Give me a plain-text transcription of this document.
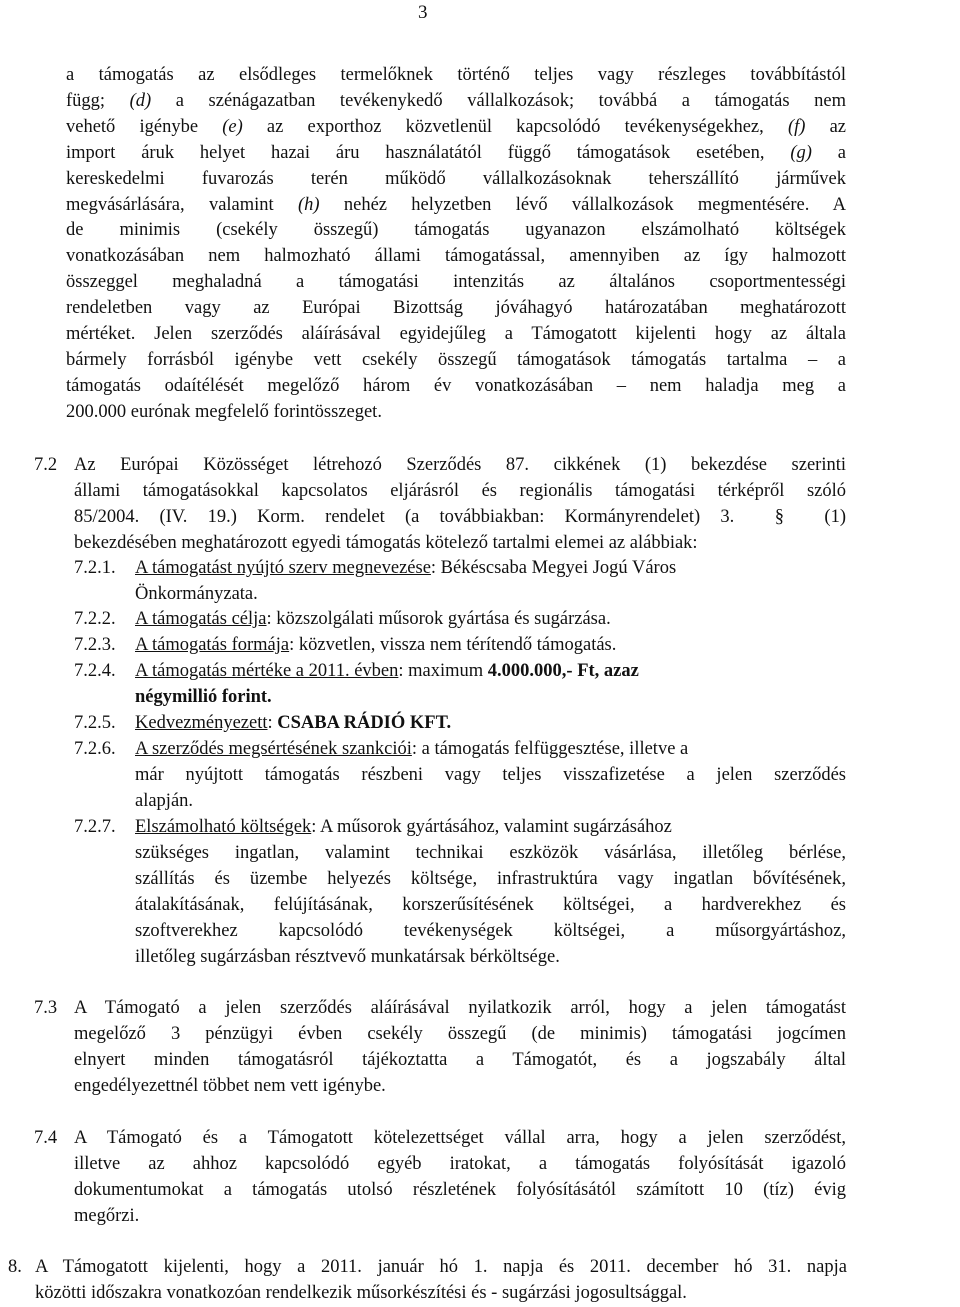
3
a támogatás az elsődleges termelőknek történő teljes vagy részleges továbbítástól
függ; (d) a szénágazatban tevékenykedő vállalkozások; továbbá a támogatás nem
vehető igénybe (e) az exporthoz közvetlenül kapcsolódó tevékenységekhez, (f) az
import áruk helyet hazai áru használatától függő támogatások esetében, (g) a
kereskedelmi fuvarozás terén működő vállalkozásoknak teherszállító járművek
megvásárlására, valamint (h) nehéz helyzetben lévő vállalkozások megmentésére. A
de minimis (csekély összegű) támogatás ugyanazon elszámolható költségek
vonatkozásában nem halmozható állami támogatással, amennyiben az így halmozott
összeggel meghaladná a támogatási intenzitás az általános csoportmentességi
rendeletben vagy az Európai Bizottság jóváhagyó határozatában meghatározott
mértéket. Jelen szerződés aláírásával egyidejűleg a Támogatott kijelenti hogy az általa
bármely forrásból igénybe vett csekély összegű támogatások támogatás tartalma – a
támogatás odaítélését megelőző három év vonatkozásában – nem haladja meg a
200.000 eurónak megfelelő forintösszeget.
7.2 Az Európai Közösséget létrehozó Szerződés 87. cikkének (1) bekezdése szerinti
állami támogatásokkal kapcsolatos eljárásról és regionális támogatási térképről szóló
85/2004. (IV. 19.) Korm. rendelet (a továbbiakban: Kormányrendelet) 3.  §  (1)
bekezdésében meghatározott egyedi támogatás kötelező tartalmi elemei az alábbiak:
7.2.1. A támogatást nyújtó szerv megnevezése: Békéscsaba Megyei Jogú Város
Önkormányzata.
7.2.2. A támogatás célja: közszolgálati műsorok gyártása és sugárzása.
7.2.3. A támogatás formája: közvetlen, vissza nem térítendő támogatás.
7.2.4. A támogatás mértéke a 2011. évben: maximum 4.000.000,- Ft, azaz
négymillió forint.
7.2.5. Kedvezményezett: CSABA RÁDIÓ KFT.
7.2.6. A szerződés megsértésének szankciói: a támogatás felfüggesztése, illetve a
már nyújtott támogatás részbeni vagy teljes visszafizetése a jelen szerződés
alapján.
7.2.7. Elszámolható költségek: A műsorok gyártásához, valamint sugárzásához
szükséges ingatlan, valamint technikai eszközök vásárlása, illetőleg bérlése,
szállítás és üzembe helyezés költsége, infrastruktúra vagy ingatlan bővítésének,
átalakításának, felújításának, korszerűsítésének költségei, a hardverekhez és
szoftverekhez kapcsolódó tevékenységek költségei, a műsorgyártáshoz,
illetőleg sugárzásban résztvevő munkatársak bérköltsége.
7.3 A Támogató a jelen szerződés aláírásával nyilatkozik arról, hogy a jelen támogatást
megelőző 3 pénzügyi évben csekély összegű (de minimis) támogatási jogcímen
elnyert minden támogatásról tájékoztatta a Támogatót, és a jogszabály által
engedélyezettnél többet nem vett igénybe.
7.4 A Támogató és a Támogatott kötelezettséget vállal arra, hogy a jelen szerződést,
illetve az ahhoz kapcsolódó egyéb iratokat, a támogatás folyósítását igazoló
dokumentumokat a támogatás utolsó részletének folyósításától számított 10 (tíz) évig
megőrzi.
8. A Támogatott kijelenti, hogy a 2011. január hó 1. napja és 2011. december hó 31. napja
közötti időszakra vonatkozóan rendelkezik műsorkészítési és - sugárzási jogosultsággal.
